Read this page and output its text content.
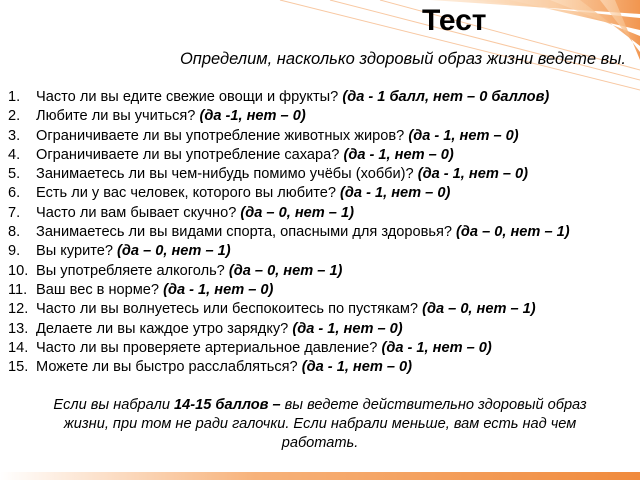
Тест
Определим, насколько здоровый образ жизни ведете вы.
1.	Часто ли вы едите свежие овощи и фрукты? (да - 1 балл, нет – 0 баллов)
2.	Любите ли вы учиться? (да -1, нет – 0)
3.	Ограничиваете ли вы употребление животных жиров? (да - 1, нет – 0)
4.	Ограничиваете ли вы употребление сахара? (да - 1, нет – 0)
5.	Занимаетесь ли вы чем-нибудь помимо учёбы (хобби)? (да - 1, нет – 0)
6.	Есть ли у вас человек, которого вы любите? (да - 1, нет – 0)
7.	Часто ли вам бывает скучно? (да – 0, нет – 1)
8.	Занимаетесь ли вы видами спорта, опасными для здоровья? (да – 0, нет – 1)
9.	Вы курите? (да – 0, нет – 1)
10. Вы употребляете алкоголь? (да – 0, нет – 1)
11. Ваш вес в норме? (да - 1, нет – 0)
12. Часто ли вы волнуетесь или беспокоитесь по пустякам? (да – 0, нет – 1)
13. Делаете ли вы каждое утро зарядку? (да - 1, нет – 0)
14. Часто ли вы проверяете артериальное давление? (да - 1, нет – 0)
15. Можете ли вы быстро расслабляться? (да - 1, нет – 0)
Если вы набрали 14-15 баллов – вы ведете действительно здоровый образ жизни, при том не ради галочки. Если набрали меньше, вам есть над чем работать.
